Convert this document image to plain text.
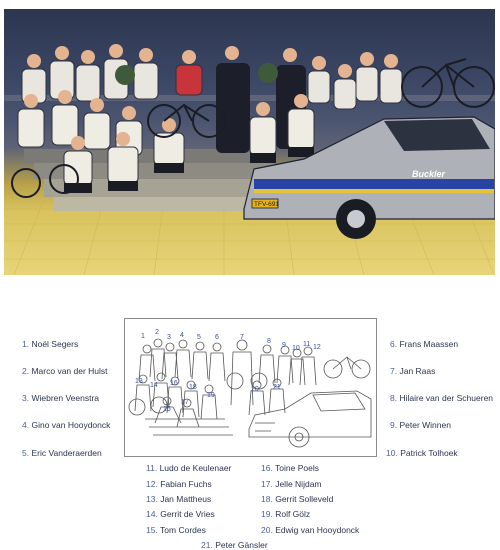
TFV-691
Buckler
1. Noël Segers
2. Marco van der Hulst
3. Wiebren Veenstra
4. Gino van Hooydonck
5. Eric Vanderaerden
6. Frans Maassen
7. Jan Raas
8. Hilaire van der Schueren
9. Peter Winnen
10. Patrick Tolhoek
1
2
3 4 5 6	7
8
9 10
11 12
13
14
15
16
17
18
19
20 21
11. Ludo de Keulenaer
12. Fabian Fuchs
13. Jan Mattheus
14. Gerrit de Vries
15. Tom Cordes
16. Toine Poels
17. Jelle Nijdam
18. Gerrit Solleveld
19. Rolf Gölz
20. Edwig van Hooydonck
21. Peter Gänsler
